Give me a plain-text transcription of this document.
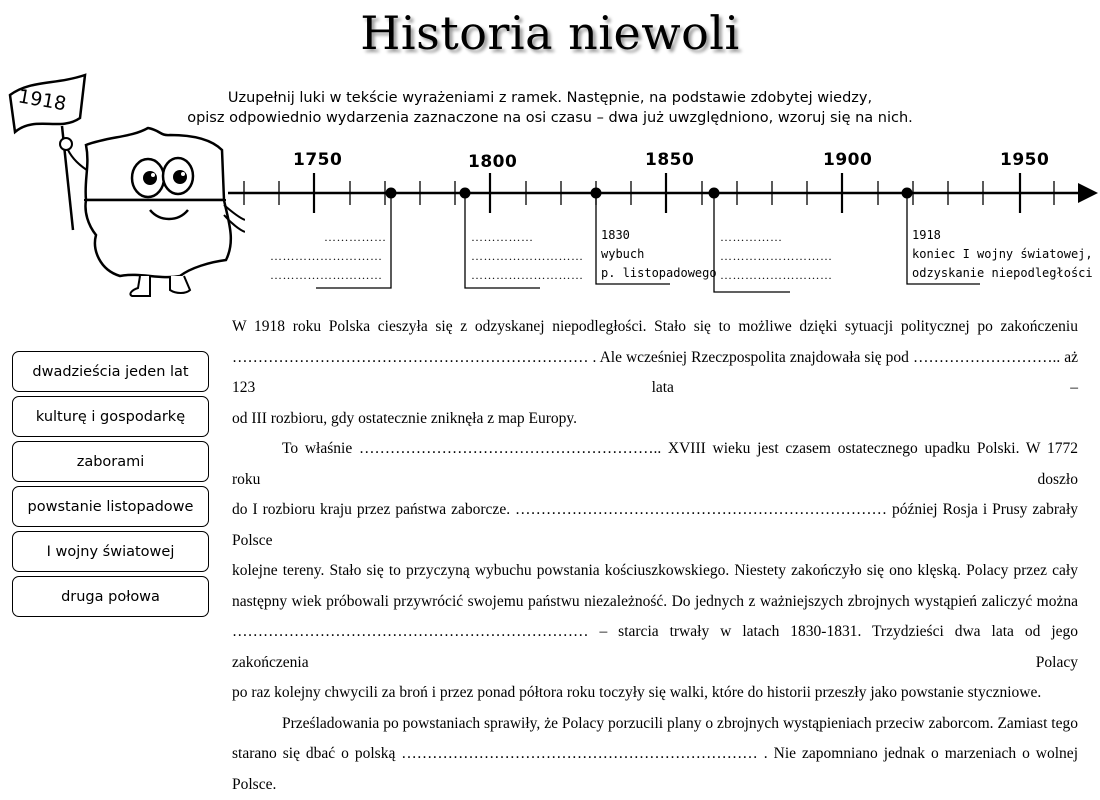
Historia niewoli
Uzupełnij luki w tekście wyrażeniami z ramek. Następnie, na podstawie zdobytej wiedzy,
opisz odpowiednio wydarzenia zaznaczone na osi czasu – dwa już uwzględniono, wzoruj się na nich.
1918
1750	1800	1850	1900	1950
……………
………………………
………………………
……………
………………………
………………………
……………
………………………
………………………
1830
wybuch
p. listopadowego
1918
koniec I wojny światowej,
odzyskanie niepodległości
dwadzieścia jeden lat
kulturę i gospodarkę
zaborami
powstanie listopadowe
I wojny światowej
druga połowa

W 1918 roku Polska cieszyła się z odzyskanej niepodległości. Stało się to możliwe dzięki sytuacji politycznej po zakończeniu

…………………………………………………………… . Ale wcześniej Rzeczpospolita znajdowała się pod ……………………….. aż 123 lata –

od III rozbioru, gdy ostatecznie zniknęła z map Europy.

To właśnie ………………………………………………….. XVIII wieku jest czasem ostatecznego upadku Polski. W 1772 roku doszło

do I rozbioru kraju przez państwa zaborcze. ……………………………………………………………… później Rosja i Prusy zabrały Polsce

kolejne tereny. Stało się to przyczyną wybuchu powstania kościuszkowskiego. Niestety zakończyło się ono klęską. Polacy przez cały

następny wiek próbowali przywrócić swojemu państwu niezależność. Do jednych z ważniejszych zbrojnych wystąpień zaliczyć można

…………………………………………………………… – starcia trwały w latach 1830-1831. Trzydzieści dwa lata od jego zakończenia Polacy

po raz kolejny chwycili za broń i przez ponad półtora roku toczyły się walki, które do historii przeszły jako powstanie styczniowe.

Prześladowania po powstaniach sprawiły, że Polacy porzucili plany o zbrojnych wystąpieniach przeciw zaborcom. Zamiast tego

starano się dbać o polską …………………………………………………………… . Nie zapomniano jednak o marzeniach o wolnej Polsce.
